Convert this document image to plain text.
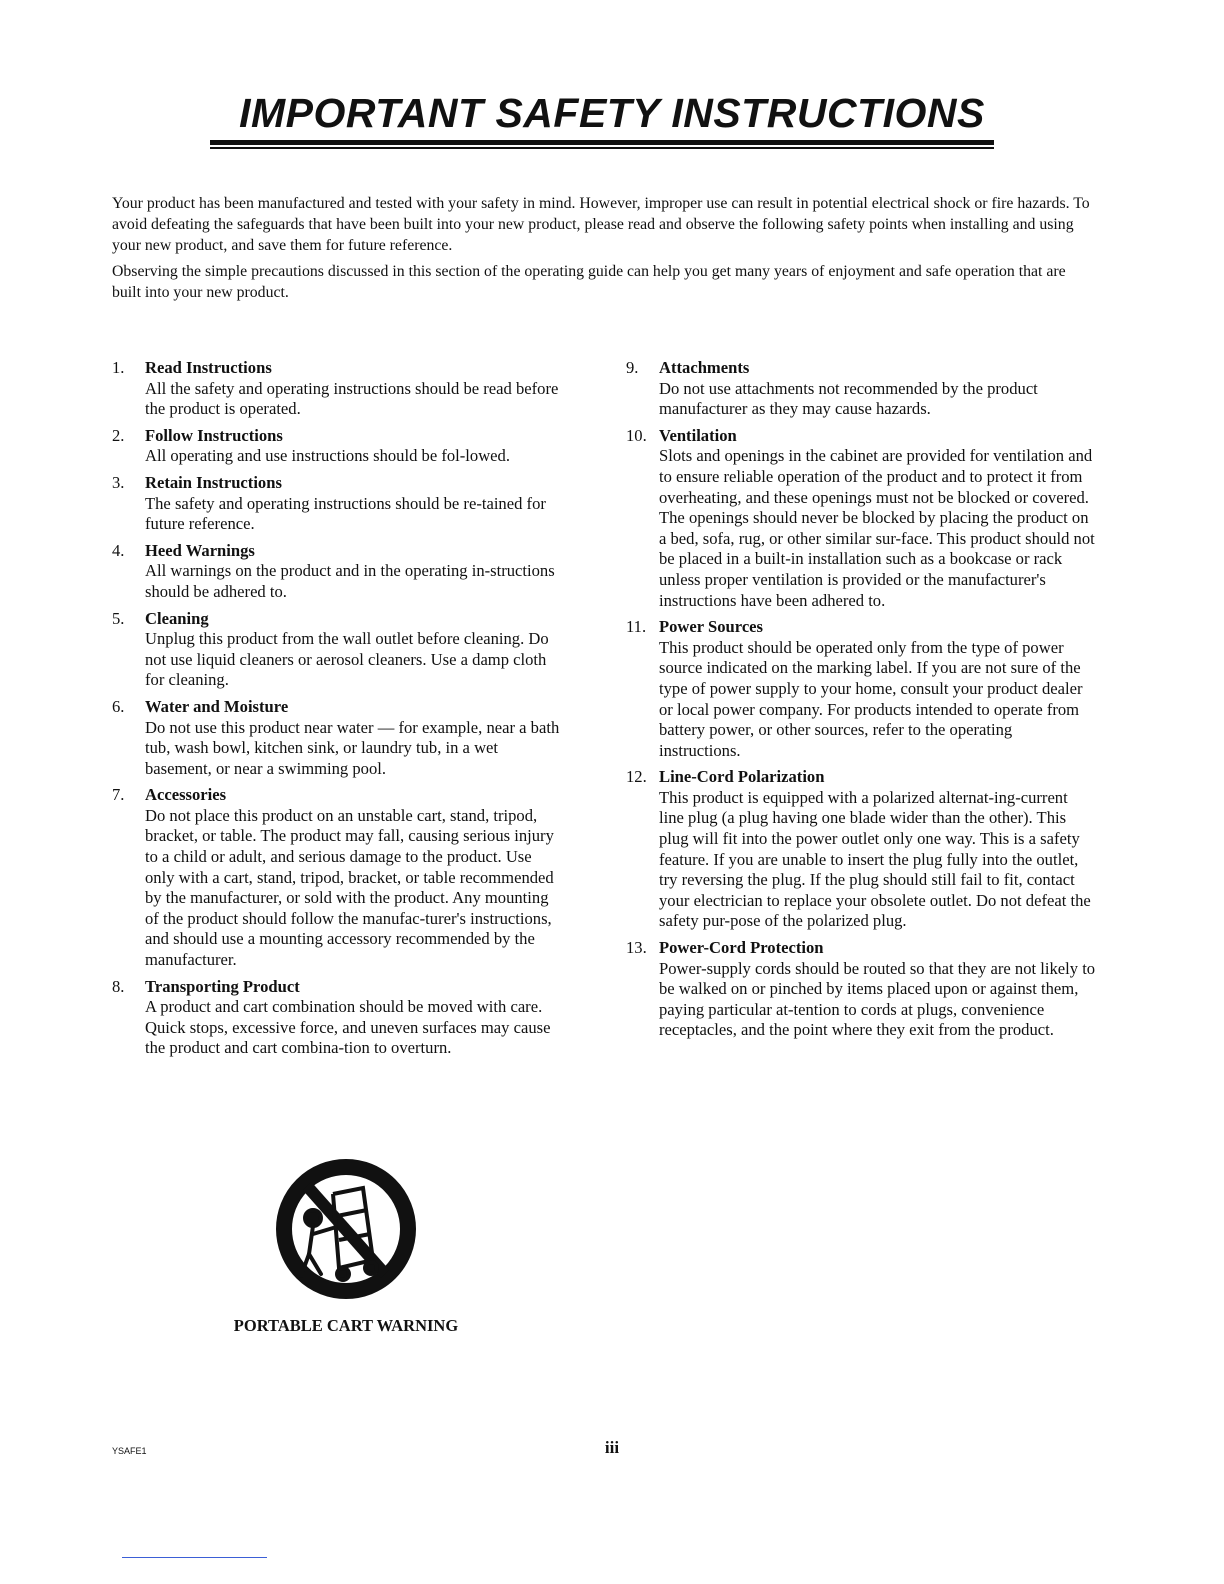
IMPORTANT SAFETY INSTRUCTIONS

Your product has been manufactured and tested with your safety in mind. However, improper use can result in potential electrical shock or fire hazards. To avoid defeating the safeguards that have been built into your new product, please read and observe the following safety points when installing and using your new product, and save them for future reference.

Observing the simple precautions discussed in this section of the operating guide can help you get many years of enjoyment and safe operation that are built into your new product.

1.	Read Instructions
All the safety and operating instructions should be read before the product is operated.
2.	Follow Instructions
All operating and use instructions should be fol-lowed.
3.	Retain Instructions
The safety and operating instructions should be re-tained for future reference.
4.	Heed Warnings
All warnings on the product and in the operating in-structions should be adhered to.
5.	Cleaning
Unplug this product from the wall outlet before cleaning. Do not use liquid cleaners or aerosol cleaners. Use a damp cloth for cleaning.
6.	Water and Moisture
Do not use this product near water — for example, near a bath tub, wash bowl, kitchen sink, or laundry tub, in a wet basement, or near a swimming pool.
7.	Accessories
Do not place this product on an unstable cart, stand, tripod, bracket, or table. The product may fall, causing serious injury to a child or adult, and serious damage to the product. Use only with a cart, stand, tripod, bracket, or table recommended by the manufacturer, or sold with the product. Any mounting of the product should follow the manufac-turer's instructions, and should use a mounting accessory recommended by the manufacturer.
8.	Transporting Product
A product and cart combination should be moved with care. Quick stops, excessive force, and uneven surfaces may cause the product and cart combina-tion to overturn.
9.	Attachments
Do not use attachments not recommended by the product manufacturer as they may cause hazards.
10. Ventilation
Slots and openings in the cabinet are provided for ventilation and to ensure reliable operation of the product and to protect it from overheating, and these openings must not be blocked or covered. The openings should never be blocked by placing the product on a bed, sofa, rug, or other similar sur-face. This product should not be placed in a built-in installation such as a bookcase or rack unless proper ventilation is provided or the manufacturer's instructions have been adhered to.
11. Power Sources
This product should be operated only from the type of power source indicated on the marking label. If you are not sure of the type of power supply to your home, consult your product dealer or local power company. For products intended to operate from battery power, or other sources, refer to the operating instructions.
12. Line-Cord Polarization
This product is equipped with a polarized alternat-ing-current line plug (a plug having one blade wider than the other). This plug will fit into the power outlet only one way. This is a safety feature. If you are unable to insert the plug fully into the outlet, try reversing the plug. If the plug should still fail to fit, contact your electrician to replace your obsolete outlet. Do not defeat the safety pur-pose of the polarized plug.
13. Power-Cord Protection
Power-supply cords should be routed so that they are not likely to be walked on or pinched by items placed upon or against them, paying particular at-tention to cords at plugs, convenience receptacles, and the point where they exit from the product.
PORTABLE CART WARNING
YSAFE1	iii
